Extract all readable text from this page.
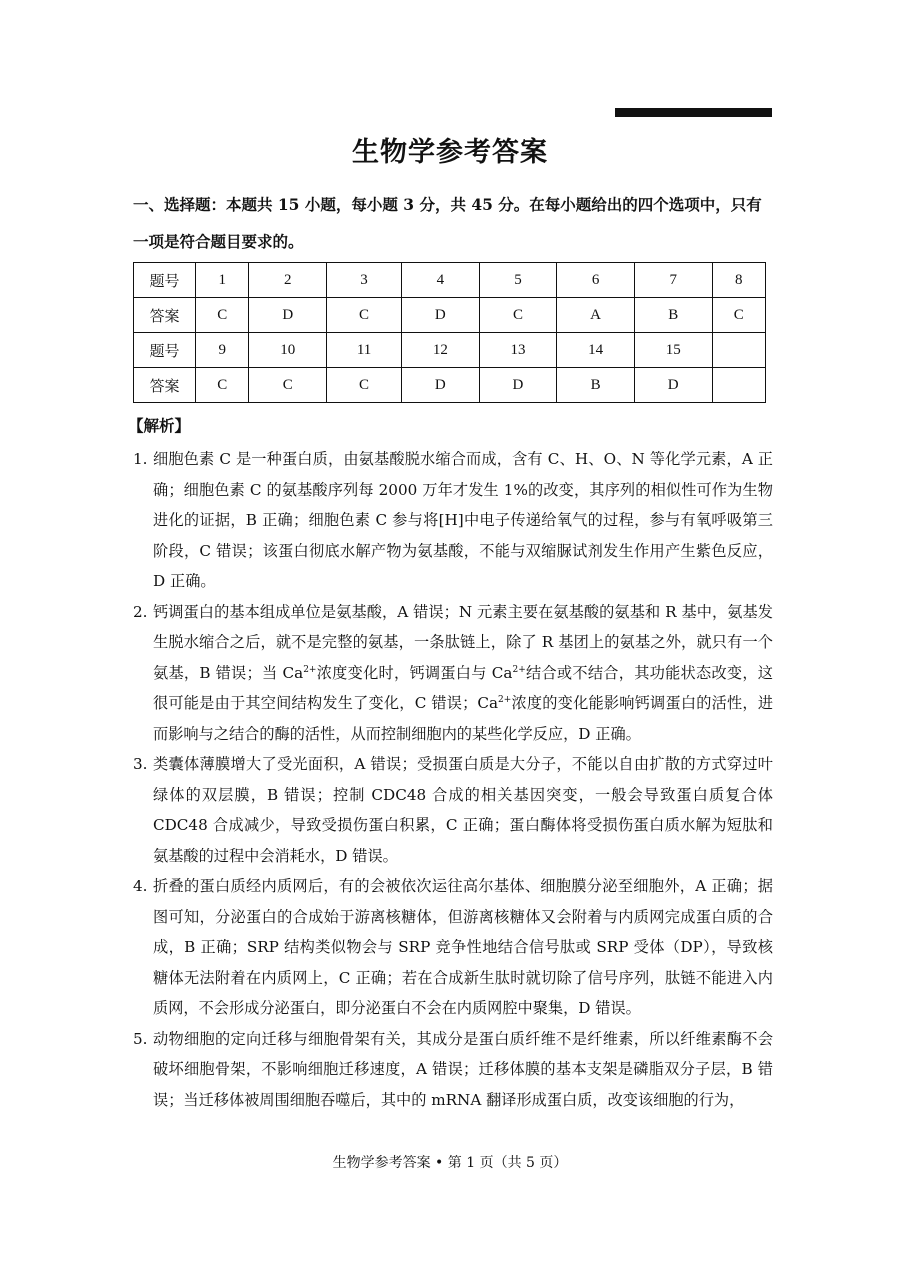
生物学参考答案
一、选择题：本题共 15 小题，每小题 3 分，共 45 分。在每小题给出的四个选项中，只有一项是符合题目要求的。
题号	1	2	3	4	5	6	7	8
答案	C	D	C	D	C	A	B	C
题号	9	10	11	12	13	14	15	
答案	C	C	C	D	D	B	D	
【解析】
1. 细胞色素 C 是一种蛋白质，由氨基酸脱水缩合而成，含有 C、H、O、N 等化学元素，A 正确；细胞色素 C 的氨基酸序列每 2000 万年才发生 1%的改变，其序列的相似性可作为生物进化的证据，B 正确；细胞色素 C 参与将[H]中电子传递给氧气的过程，参与有氧呼吸第三阶段，C 错误；该蛋白彻底水解产物为氨基酸，不能与双缩脲试剂发生作用产生紫色反应，D 正确。
2. 钙调蛋白的基本组成单位是氨基酸，A 错误；N 元素主要在氨基酸的氨基和 R 基中，氨基发生脱水缩合之后，就不是完整的氨基，一条肽链上，除了 R 基团上的氨基之外，就只有一个氨基，B 错误；当 $Ca^{2+}$浓度变化时，钙调蛋白与 $Ca^{2+}$结合或不结合，其功能状态改变，这很可能是由于其空间结构发生了变化，C 错误；$Ca^{2+}$浓度的变化能影响钙调蛋白的活性，进而影响与之结合的酶的活性，从而控制细胞内的某些化学反应，D 正确。
3. 类囊体薄膜增大了受光面积，A 错误；受损蛋白质是大分子，不能以自由扩散的方式穿过叶绿体的双层膜，B 错误；控制 CDC48 合成的相关基因突变，一般会导致蛋白质复合体 CDC48 合成减少，导致受损伤蛋白积累，C 正确；蛋白酶体将受损伤蛋白质水解为短肽和氨基酸的过程中会消耗水，D 错误。
4. 折叠的蛋白质经内质网后，有的会被依次运往高尔基体、细胞膜分泌至细胞外，A 正确；据图可知，分泌蛋白的合成始于游离核糖体，但游离核糖体又会附着与内质网完成蛋白质的合成，B 正确；SRP 结构类似物会与 SRP 竞争性地结合信号肽或 SRP 受体（DP），导致核糖体无法附着在内质网上，C 正确；若在合成新生肽时就切除了信号序列，肽链不能进入内质网，不会形成分泌蛋白，即分泌蛋白不会在内质网腔中聚集，D 错误。
5. 动物细胞的定向迁移与细胞骨架有关，其成分是蛋白质纤维不是纤维素，所以纤维素酶不会破坏细胞骨架，不影响细胞迁移速度，A 错误；迁移体膜的基本支架是磷脂双分子层，B 错误；当迁移体被周围细胞吞噬后，其中的 mRNA 翻译形成蛋白质，改变该细胞的行为，
生物学参考答案 • 第 1 页（共 5 页）
